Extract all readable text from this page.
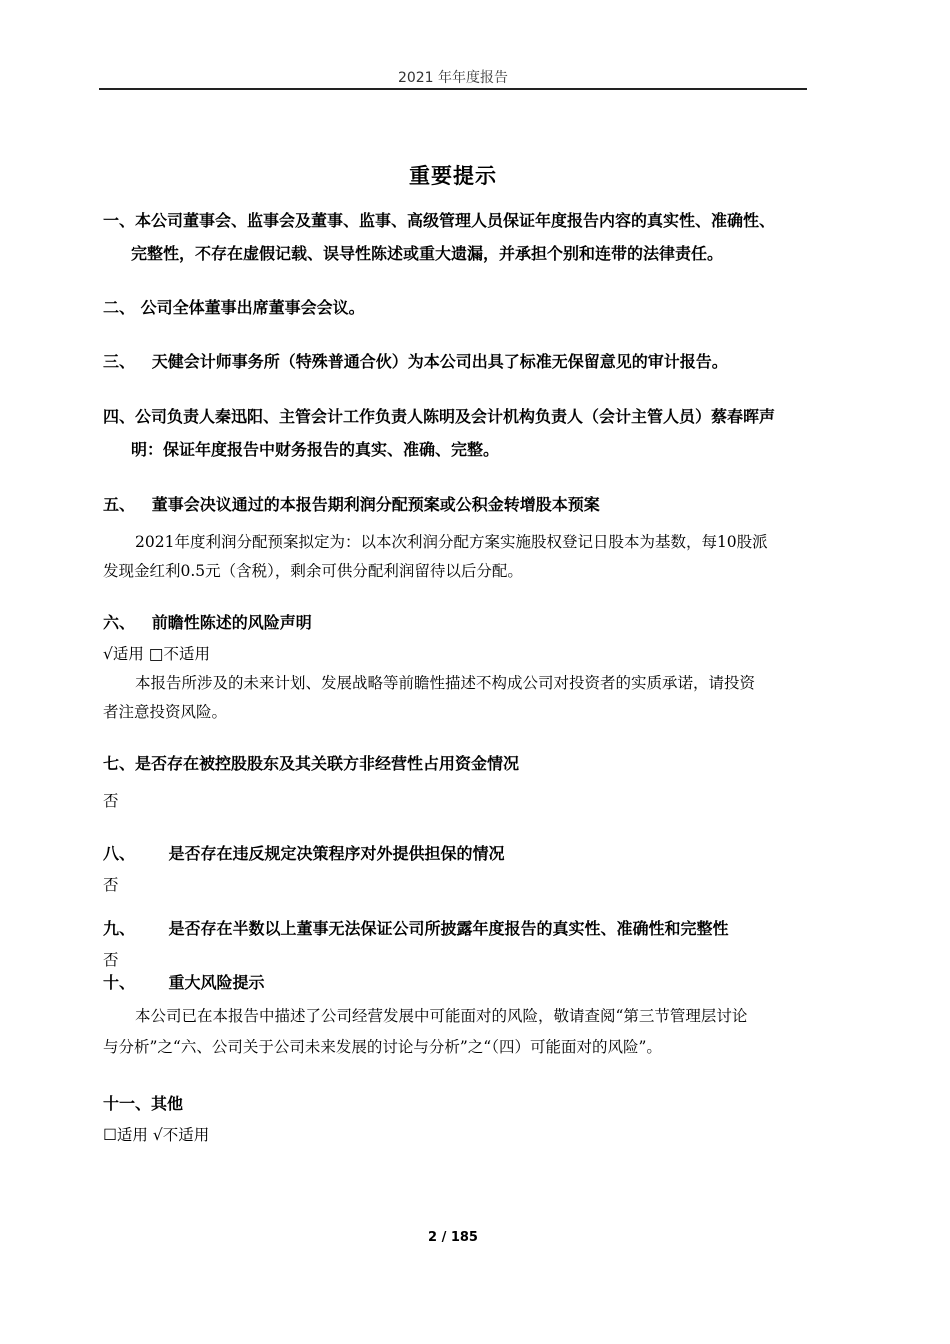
2021 年年度报告
重要提示
一、本公司董事会、监事会及董事、监事、高级管理人员保证年度报告内容的真实性、准确性、
完整性，不存在虚假记载、误导性陈述或重大遗漏，并承担个别和连带的法律责任。
二、 公司全体董事出席董事会会议。
三、 天健会计师事务所（特殊普通合伙）为本公司出具了标准无保留意见的审计报告。
四、公司负责人秦迅阳、主管会计工作负责人陈明及会计机构负责人（会计主管人员）蔡春晖声
明：保证年度报告中财务报告的真实、准确、完整。
五、 董事会决议通过的本报告期利润分配预案或公积金转增股本预案
2021年度利润分配预案拟定为：以本次利润分配方案实施股权登记日股本为基数，每10股派
发现金红利0.5元（含税），剩余可供分配利润留待以后分配。
六、 前瞻性陈述的风险声明
√适用 □不适用
本报告所涉及的未来计划、发展战略等前瞻性描述不构成公司对投资者的实质承诺，请投资
者注意投资风险。
七、是否存在被控股股东及其关联方非经营性占用资金情况
否
八、 是否存在违反规定决策程序对外提供担保的情况
否
九、 是否存在半数以上董事无法保证公司所披露年度报告的真实性、准确性和完整性
否
十、 重大风险提示
本公司已在本报告中描述了公司经营发展中可能面对的风险，敬请查阅“第三节管理层讨论
与分析”之“六、公司关于公司未来发展的讨论与分析”之“（四）可能面对的风险”。
十一、其他
☐适用 √不适用
2 / 185
